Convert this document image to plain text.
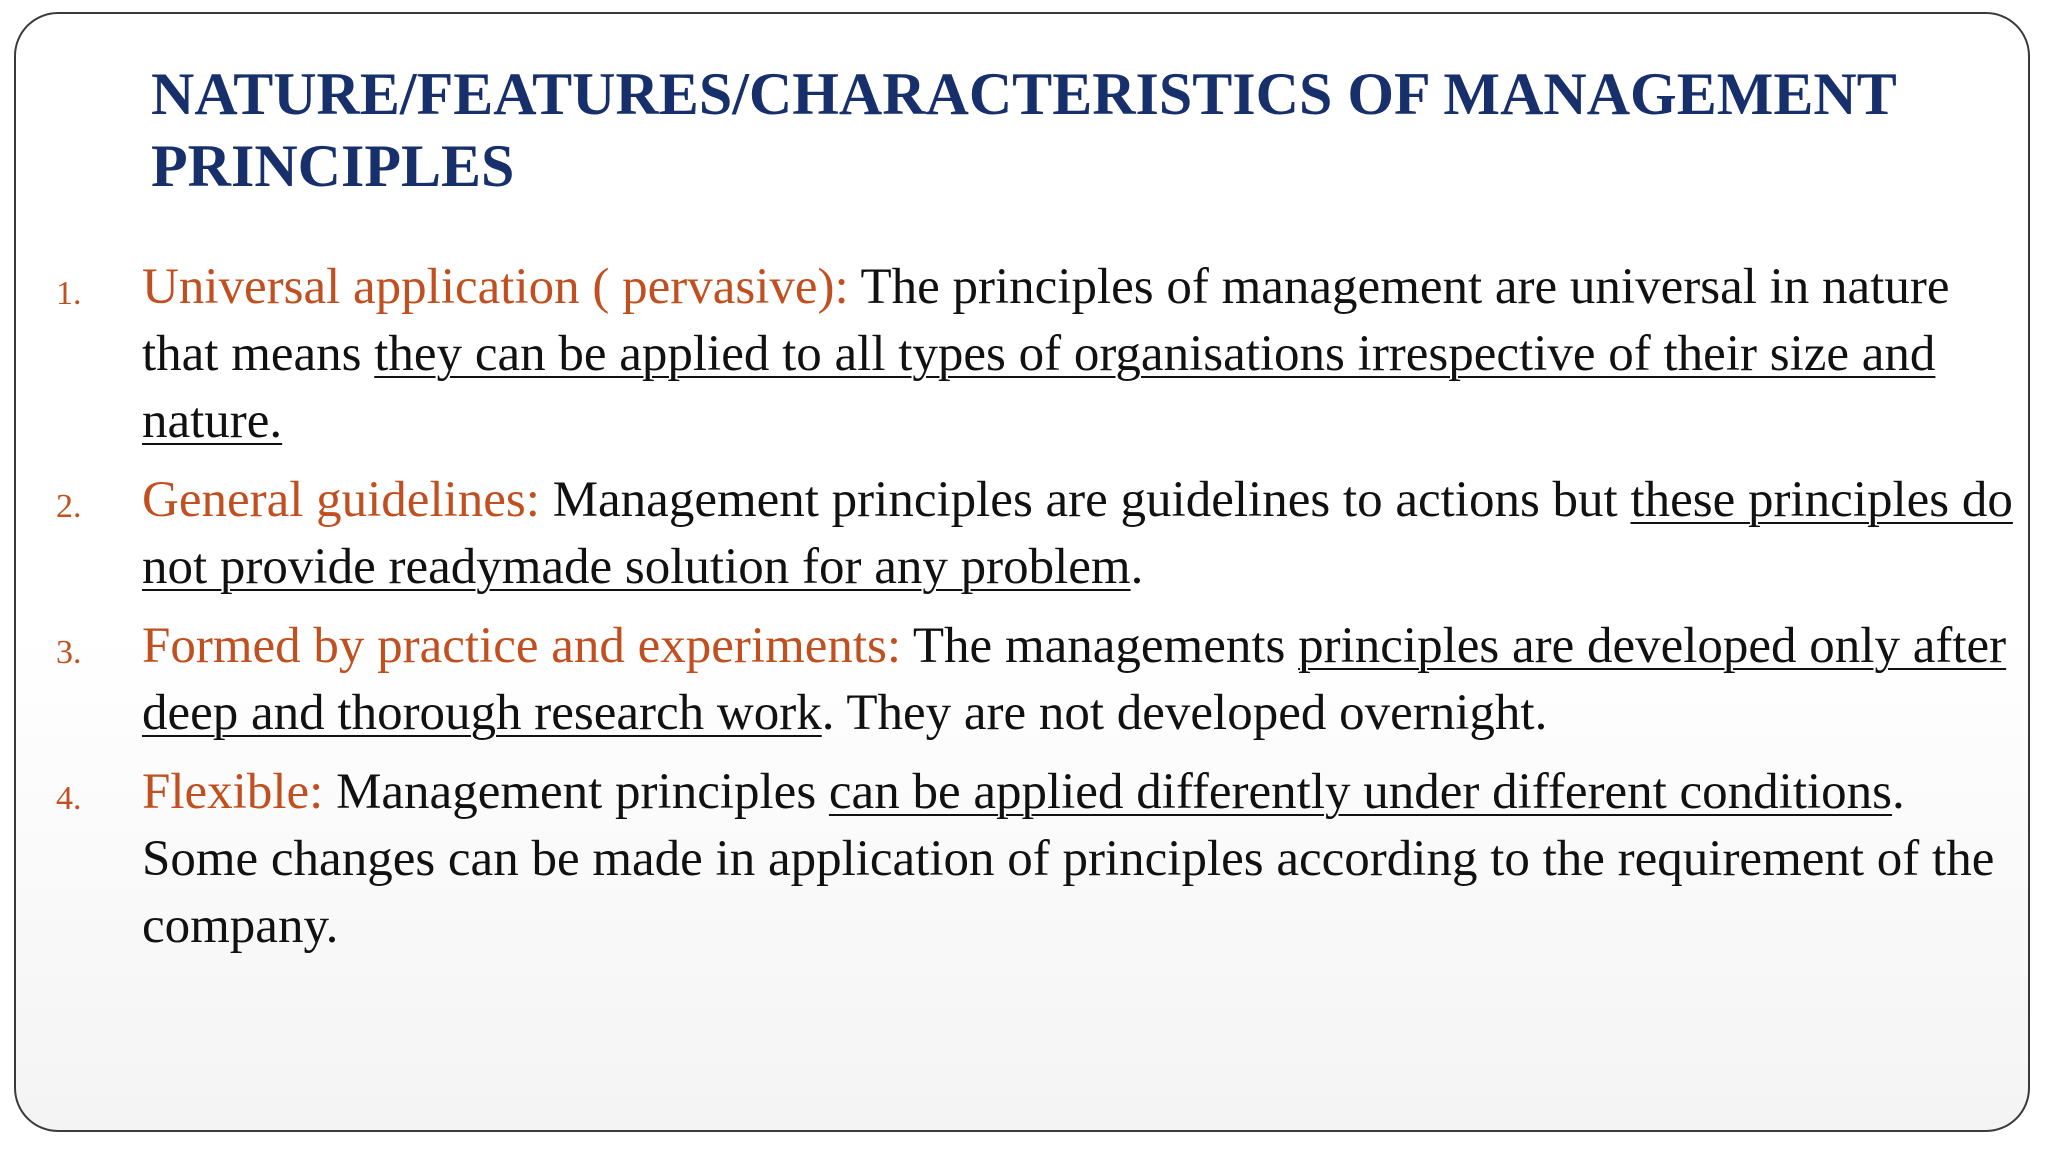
NATURE/FEATURES/CHARACTERISTICS OF MANAGEMENT PRINCIPLES
1. Universal application ( pervasive): The principles of management are universal in nature that means they can be applied to all types of organisations irrespective of their size and nature.
2. General guidelines: Management principles are guidelines to actions but these principles do not provide readymade solution for any problem.
3. Formed by practice and experiments: The managements principles are developed only after deep and thorough research work. They are not developed overnight.
4. Flexible: Management principles can be applied differently under different conditions. Some changes can be made in application of principles according to the requirement of the company.
